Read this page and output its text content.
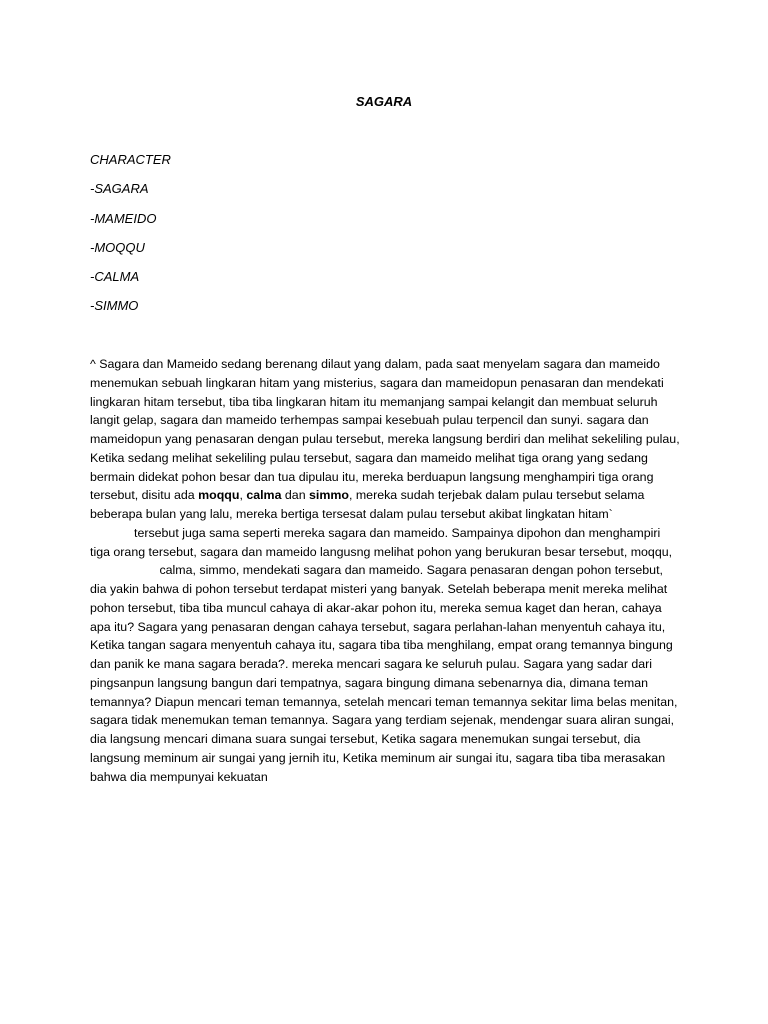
SAGARA
CHARACTER
-SAGARA
-MAMEIDO
-MOQQU
-CALMA
-SIMMO

^ Sagara dan Mameido sedang berenang dilaut yang dalam, pada saat menyelam sagara dan mameido menemukan sebuah lingkaran hitam yang misterius, sagara dan mameidopun penasaran dan mendekati lingkaran hitam tersebut, tiba tiba lingkaran hitam itu memanjang sampai kelangit dan membuat seluruh langit gelap, sagara dan mameido terhempas sampai kesebuah pulau terpencil dan sunyi. sagara dan mameidopun yang penasaran dengan pulau tersebut, mereka langsung berdiri dan melihat sekeliling pulau, Ketika sedang melihat sekeliling pulau tersebut, sagara dan mameido melihat tiga orang yang sedang bermain didekat pohon besar dan tua dipulau itu, mereka berduapun langsung menghampiri tiga orang tersebut, disitu ada moqqu, calma dan simmo, mereka sudah terjebak dalam pulau tersebut selama beberapa bulan yang lalu, mereka bertiga tersesat dalam pulau tersebut akibat lingkatan hitam`
tersebut juga sama seperti mereka sagara dan mameido. Sampainya dipohon dan menghampiri tiga orang tersebut, sagara dan mameido langusng melihat pohon yang berukuran besar tersebut, moqqu, calma, simmo, mendekati sagara dan mameido. Sagara penasaran dengan pohon tersebut, dia yakin bahwa di pohon tersebut terdapat misteri yang banyak. Setelah beberapa menit mereka melihat pohon tersebut, tiba tiba muncul cahaya di akar-akar pohon itu, mereka semua kaget dan heran, cahaya apa itu? Sagara yang penasaran dengan cahaya tersebut, sagara perlahan-lahan menyentuh cahaya itu, Ketika tangan sagara menyentuh cahaya itu, sagara tiba tiba menghilang, empat orang temannya bingung dan panik ke mana sagara berada?. mereka mencari sagara ke seluruh pulau. Sagara yang sadar dari pingsanpun langsung bangun dari tempatnya, sagara bingung dimana sebenarnya dia, dimana teman temannya? Diapun mencari teman temannya, setelah mencari teman temannya sekitar lima belas menitan, sagara tidak menemukan teman temannya. Sagara yang terdiam sejenak, mendengar suara aliran sungai, dia langsung mencari dimana suara sungai tersebut, Ketika sagara menemukan sungai tersebut, dia langsung meminum air sungai yang jernih itu, Ketika meminum air sungai itu, sagara tiba tiba merasakan bahwa dia mempunyai kekuatan
